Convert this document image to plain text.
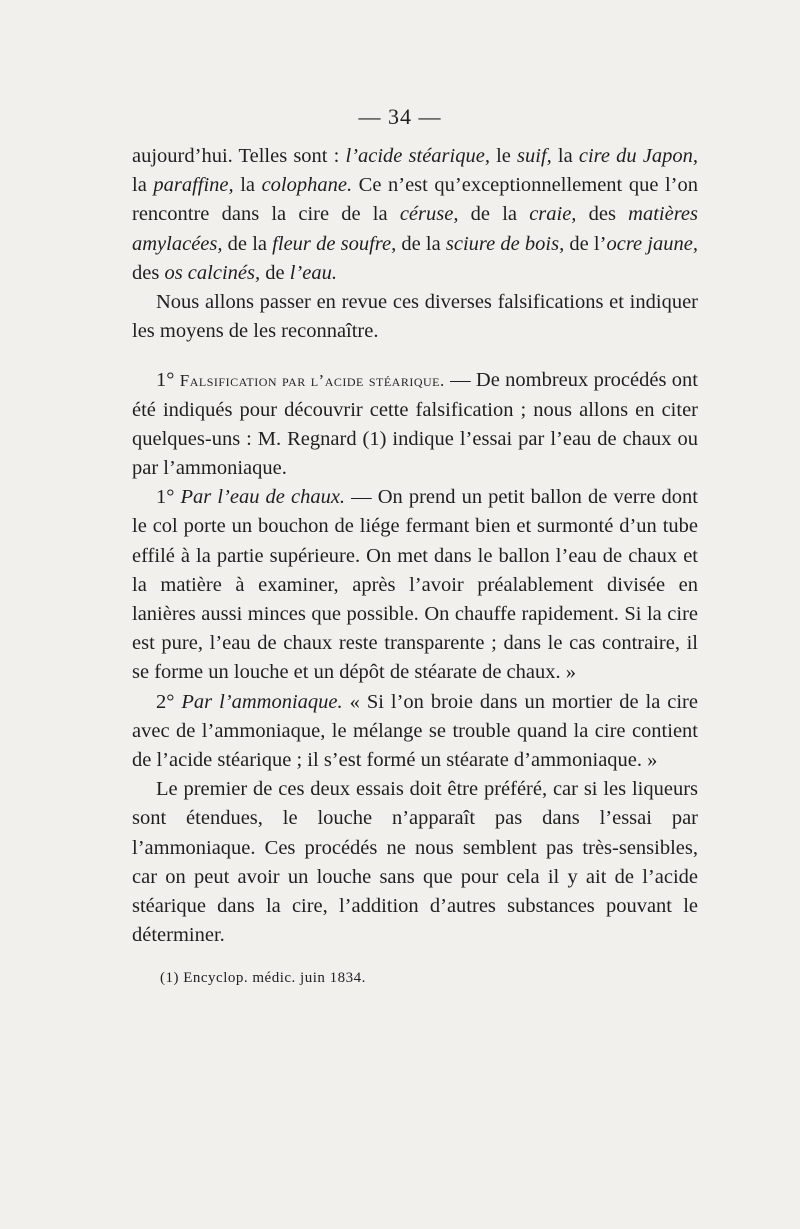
— 34 —

aujourd’hui. Telles sont : l’acide stéarique, le suif, la cire du Japon, la paraffine, la colophane. Ce n’est qu’exceptionnellement que l’on rencontre dans la cire de la céruse, de la craie, des matières amylacées, de la fleur de soufre, de la sciure de bois, de l’ocre jaune, des os calcinés, de l’eau.

Nous allons passer en revue ces diverses falsifications et indiquer les moyens de les reconnaître.

1° Falsification par l’acide stéarique. — De nombreux procédés ont été indiqués pour découvrir cette falsification ; nous allons en citer quelques-uns : M. Regnard (1) indique l’essai par l’eau de chaux ou par l’ammoniaque.

1° Par l’eau de chaux. — On prend un petit ballon de verre dont le col porte un bouchon de liége fermant bien et surmonté d’un tube effilé à la partie supérieure. On met dans le ballon l’eau de chaux et la matière à examiner, après l’avoir préalablement divisée en lanières aussi minces que possible. On chauffe rapidement. Si la cire est pure, l’eau de chaux reste transparente ; dans le cas contraire, il se forme un louche et un dépôt de stéarate de chaux. »

2° Par l’ammoniaque. « Si l’on broie dans un mortier de la cire avec de l’ammoniaque, le mélange se trouble quand la cire contient de l’acide stéarique ; il s’est formé un stéarate d’ammoniaque. »

Le premier de ces deux essais doit être préféré, car si les liqueurs sont étendues, le louche n’apparaît pas dans l’essai par l’ammoniaque. Ces procédés ne nous semblent pas très-sensibles, car on peut avoir un louche sans que pour cela il y ait de l’acide stéarique dans la cire, l’addition d’autres substances pouvant le déterminer.

(1) Encyclop. médic. juin 1834.
